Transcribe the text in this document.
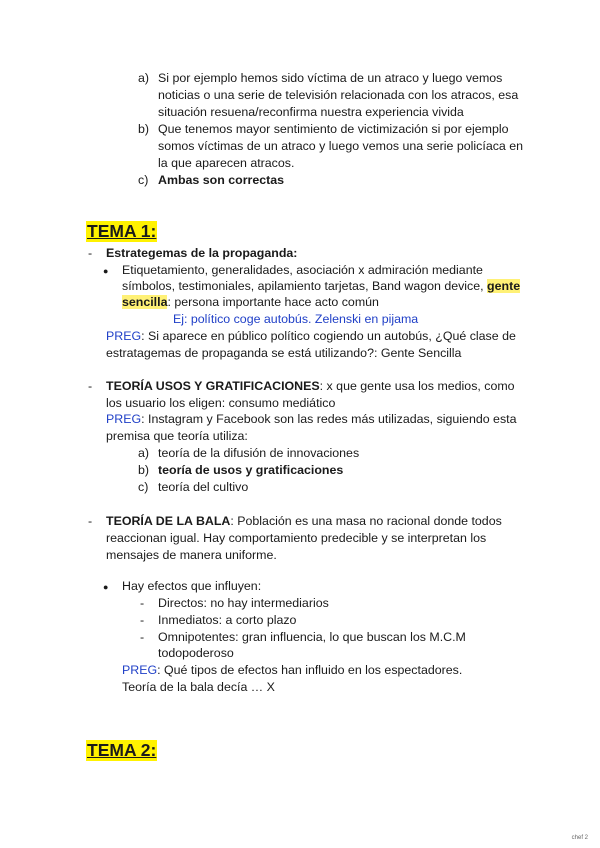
a) Si por ejemplo hemos sido víctima de un atraco y luego vemos
noticias o una serie de televisión relacionada con los atracos, esa
situación resuena/reconfirma nuestra experiencia vivida
b) Que tenemos mayor sentimiento de victimización si por ejemplo
somos víctimas de un atraco y luego vemos una serie policíaca en
la que aparecen atracos.
c) Ambas son correctas
TEMA 1:
- Estrategemas de la propaganda:
● Etiquetamiento, generalidades, asociación x admiración mediante
símbolos, testimoniales, apilamiento tarjetas, Band wagon device, gente
sencilla: persona importante hace acto común
Ej: político coge autobús. Zelenski en pijama
PREG: Si aparece en público político cogiendo un autobús, ¿Qué clase de
estratagemas de propaganda se está utilizando?: Gente Sencilla
- TEORÍA USOS Y GRATIFICACIONES: x que gente usa los medios, como
los usuario los eligen: consumo mediático
PREG: Instagram y Facebook son las redes más utilizadas, siguiendo esta
premisa que teoría utiliza:
a) teoría de la difusión de innovaciones
b) teoría de usos y gratificaciones
c) teoría del cultivo
- TEORÍA DE LA BALA: Población es una masa no racional donde todos
reaccionan igual. Hay comportamiento predecible y se interpretan los
mensajes de manera uniforme.
● Hay efectos que influyen:
- Directos: no hay intermediarios
- Inmediatos: a corto plazo
- Omnipotentes: gran influencia, lo que buscan los M.C.M
todopoderoso
PREG: Qué tipos de efectos han influido en los espectadores.
Teoría de la bala decía … X
TEMA 2:
chef 2
